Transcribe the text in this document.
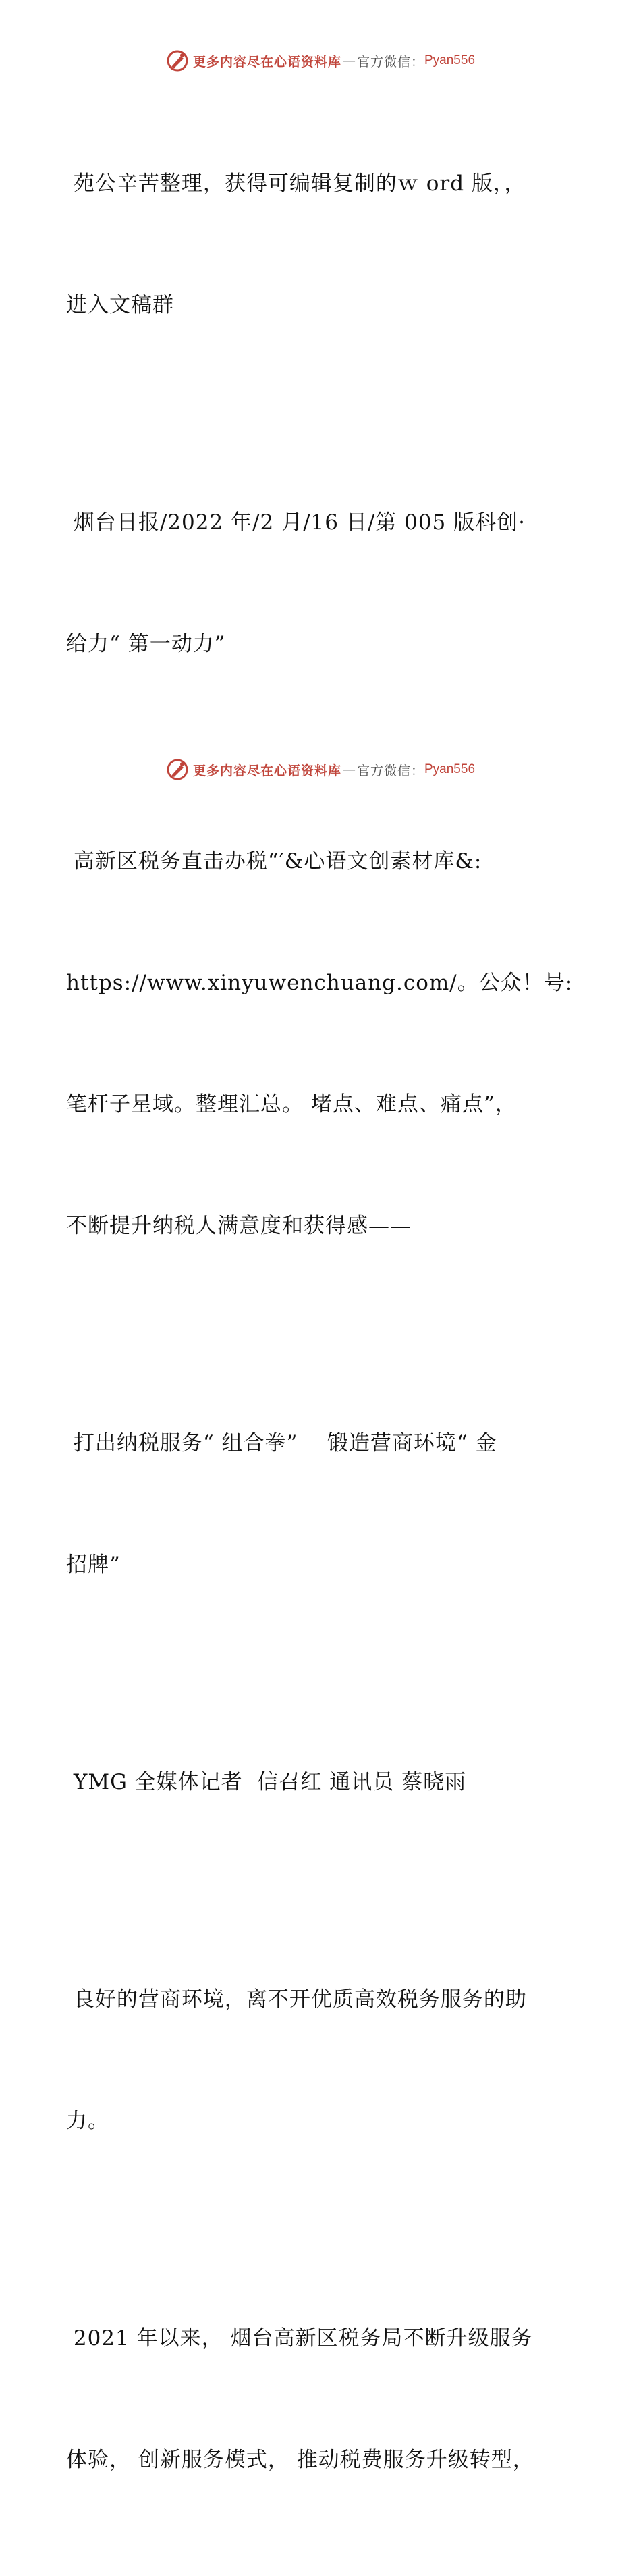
更多内容尽在心语资料库 — 官方微信： Pyan556

苑公辛苦整理，获得可编辑复制的ｗ ord 版，，

进入文稿群

烟台日报/2022 年/2 月/16 日/第 005 版科创·

给力“ 第一动力”

高新区税务直击办税“′&心语文创素材库&:

https://www.xinyuwenchuang.com/。公众！号:

笔杆子星域。整理汇总。 堵点、难点、痛点”，

不断提升纳税人满意度和获得感——

打出纳税服务“ 组合拳”    锻造营商环境“ 金

招牌”

YMG 全媒体记者  信召红 通讯员 蔡晓雨

良好的营商环境，离不开优质高效税务服务的助

力。

2021 年以来， 烟台高新区税务局不断升级服务

体验， 创新服务模式， 推动税费服务升级转型，

更多内容尽在心语资料库 — 官方微信： Pyan556
